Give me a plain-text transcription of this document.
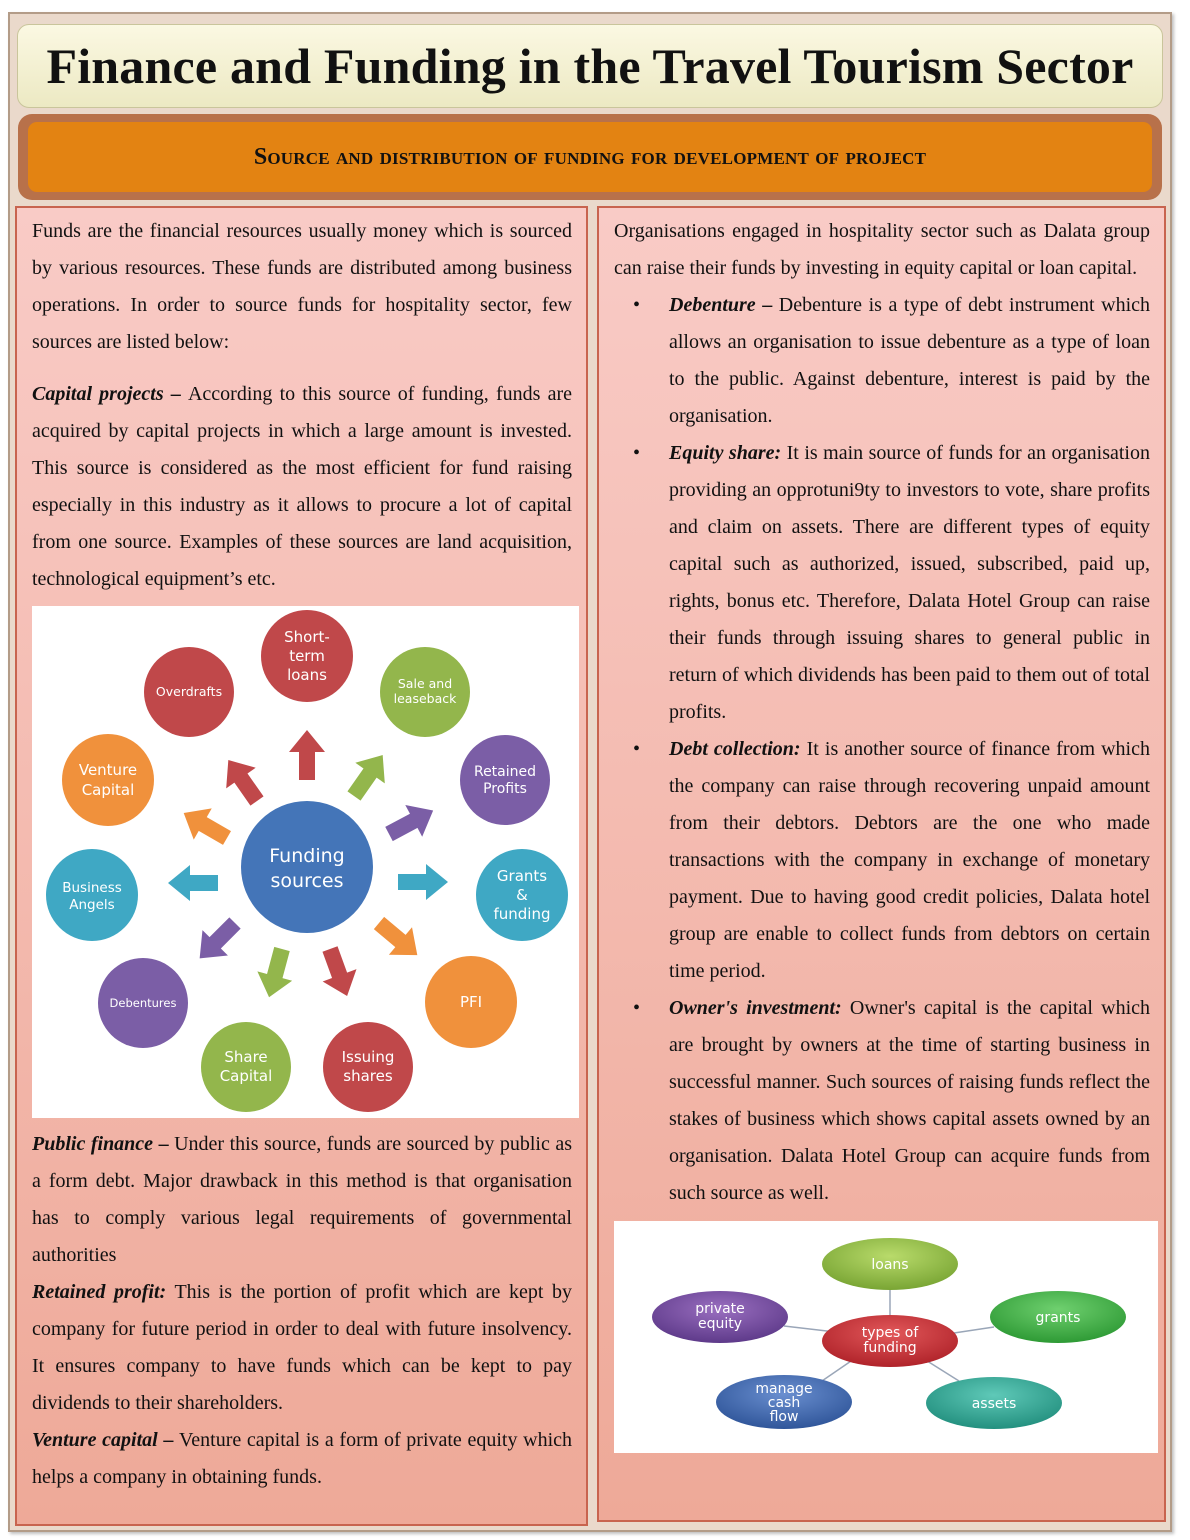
Finance and Funding in the Travel Tourism Sector
Source and distribution of funding for development of project

Funds are the financial resources usually money which is sourced by various resources. These funds are distributed among business operations. In order to source funds for hospitality sector, few sources are listed below:

Capital projects – According to this source of funding, funds are acquired by capital projects in which a large amount is invested. This source is considered as the most efficient for fund raising especially in this industry as it allows to procure a lot of capital from one source. Examples of these sources are land acquisition, technological equipment’s etc.

Funding
sources
Short-
term
loans	Sale and
leaseback
Retained
Profits
Grants
&
funding
PFI
Issuing
shares
Share
Capital
Debentures
Business
Angels
Venture
Capital
Overdrafts

Public finance – Under this source, funds are sourced by public as a form debt. Major drawback in this method is that organisation has to comply various legal requirements of governmental authorities

Retained profit: This is the portion of profit which are kept by company for future period in order to deal with future insolvency. It ensures company to have funds which can be kept to pay dividends to their shareholders.

Venture capital – Venture capital is a form of private equity which helps a company in obtaining funds.

Organisations engaged in hospitality sector such as Dalata group can raise their funds by investing in equity capital or loan capital.

• Debenture – Debenture is a type of debt instrument which allows an organisation to issue debenture as a type of loan to the public. Against debenture, interest is paid by the organisation.
• Equity share: It is main source of funds for an organisation providing an opprotuni9ty to investors to vote, share profits and claim on assets. There are different types of equity capital such as authorized, issued, subscribed, paid up, rights, bonus etc. Therefore, Dalata Hotel Group can raise their funds through issuing shares to general public in return of which dividends has been paid to them out of total profits.
• Debt collection: It is another source of finance from which the company can raise through recovering unpaid amount from their debtors. Debtors are the one who made transactions with the company in exchange of monetary payment. Due to having good credit policies, Dalata hotel group are enable to collect funds from debtors on certain time period.
• Owner's investment: Owner's capital is the capital which are brought by owners at the time of starting business in successful manner. Such sources of raising funds reflect the stakes of business which shows capital assets owned by an organisation. Dalata Hotel Group can acquire funds from such source as well.
loans
private
equity
types of
funding
grants
manage
cash
flow
assets
